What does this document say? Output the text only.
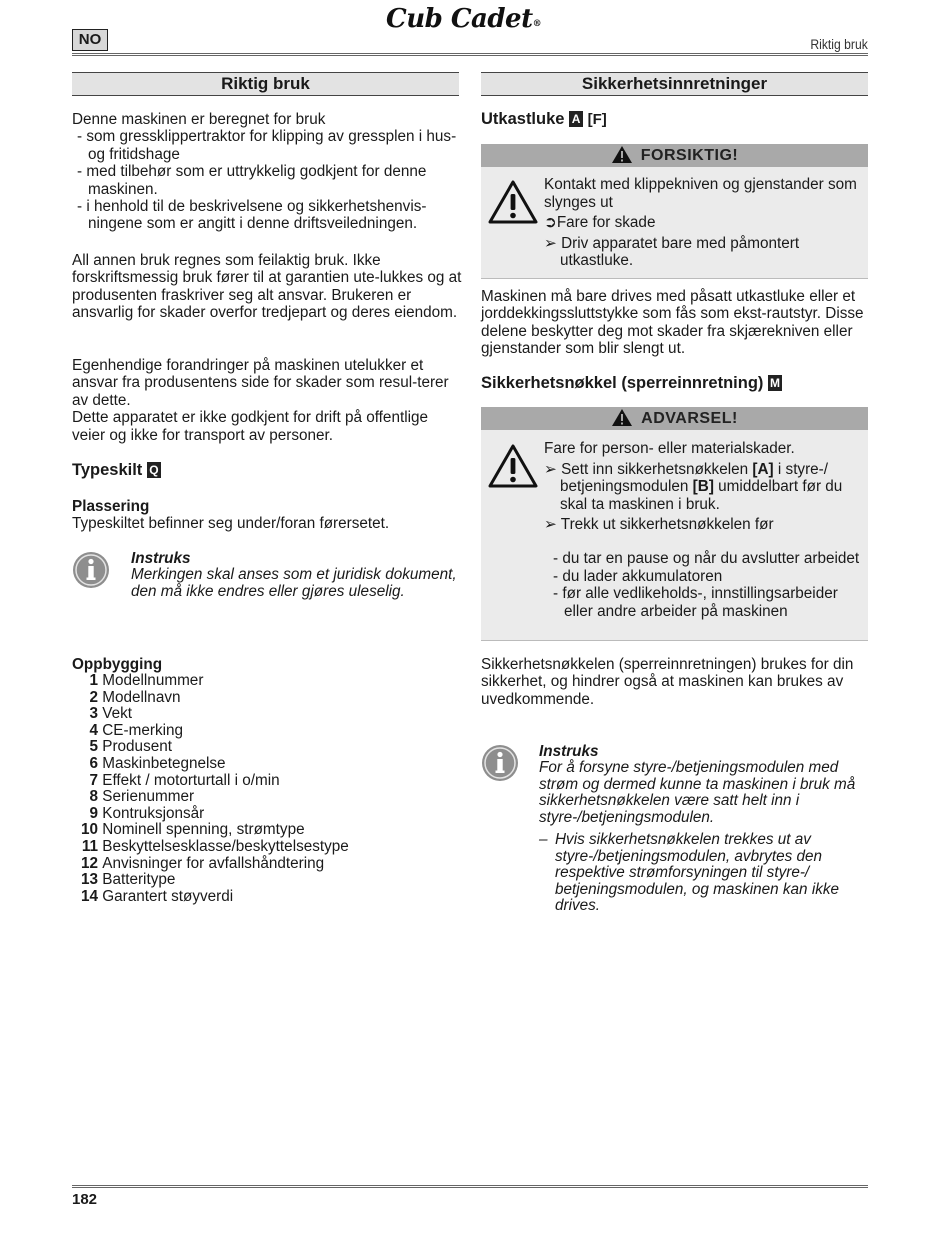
NO
Cub Cadet®
Riktig bruk
Riktig bruk

Denne maskinen er beregnet for bruk

- som gressklippertraktor for klipping av gressplen i hus- og fritidshage
- med tilbehør som er uttrykkelig godkjent for denne maskinen.
- i henhold til de beskrivelsene og sikkerhetshenvis-ningene som er angitt i denne driftsveiledningen.
All annen bruk regnes som feilaktig bruk. Ikke forskriftsmessig bruk fører til at garantien ute-lukkes og at produsenten fraskriver seg alt ansvar. Brukeren er ansvarlig for skader overfor tredjepart og deres eiendom.

Egenhendige forandringer på maskinen utelukker et ansvar fra produsentens side for skader som resul-terer av dette.

Dette apparatet er ikke godkjent for drift på offentlige veier og ikke for transport av personer.

Typeskilt Q
Plassering
Typeskiltet befinner seg under/foran førersetet.
Instruks
Merkingen skal anses som et juridisk dokument, den må ikke endres eller gjøres uleselig.
Oppbygging
1
Modellnummer
2
Modellnavn
3
Vekt
4
CE-merking
5
Produsent
6
Maskinbetegnelse
7
Effekt / motorturtall i o/min
8
Serienummer
9
Kontruksjonsår
10
Nominell spenning, strømtype
11
Beskyttelsesklasse/beskyttelsestype
12
Anvisninger for avfallshåndtering
13
Batteritype
14
Garantert støyverdi
Sikkerhetsinnretninger
Utkastluke A [F]
FORSIKTIG!

Kontakt med klippekniven og gjenstander som slynges ut

➲Fare for skade

➢ Driv apparatet bare med påmontert utkastluke.

Maskinen må bare drives med påsatt utkastluke eller et jorddekkingssluttstykke som fås som ekst-rautstyr. Disse delene beskytter deg mot skader fra skjærekniven eller gjenstander som blir slengt ut.
Sikkerhetsnøkkel (sperreinnretning) M
ADVARSEL!

Fare for person- eller materialskader.

➢ Sett inn sikkerhetsnøkkelen [A] i styre-/ betjeningsmodulen [B] umiddelbart før du skal ta maskinen i bruk.

➢ Trekk ut sikkerhetsnøkkelen før

- du tar en pause og når du avslutter arbeidet
- du lader akkumulatoren
- før alle vedlikeholds-, innstillingsarbeider eller andre arbeider på maskinen
Sikkerhetsnøkkelen (sperreinnretningen) brukes for din sikkerhet, og hindrer også at maskinen kan brukes av uvedkommende.
Instruks
For å forsyne styre-/betjeningsmodulen med strøm og dermed kunne ta maskinen i bruk må sikkerhetsnøkkelen være satt helt inn i styre-/betjeningsmodulen.
– Hvis sikkerhetsnøkkelen trekkes ut av styre-/betjeningsmodulen, avbrytes den respektive strømforsyningen til styre-/ betjeningsmodulen, og maskinen kan ikke drives.
182
